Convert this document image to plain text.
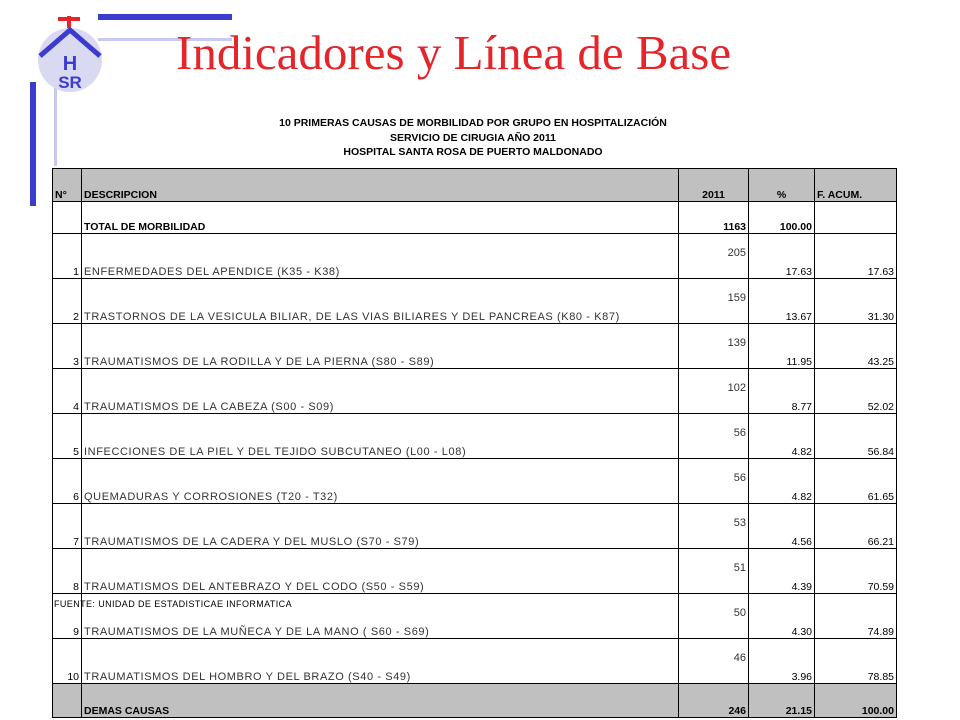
H
SR
Indicadores y Línea de Base
10 PRIMERAS CAUSAS DE MORBILIDAD POR GRUPO EN HOSPITALIZACIÓN
SERVICIO DE CIRUGIA AÑO 2011
HOSPITAL SANTA ROSA DE PUERTO MALDONADO
N°	DESCRIPCION	2011	%	F. ACUM.
	TOTAL DE MORBILIDAD	1163	100.00	
1	ENFERMEDADES DEL APENDICE (K35 - K38)	205	17.63	17.63
2	TRASTORNOS DE LA VESICULA BILIAR, DE LAS VIAS BILIARES Y DEL PANCREAS (K80 - K87)	159	13.67	31.30
3	TRAUMATISMOS DE LA RODILLA Y DE LA PIERNA (S80 - S89)	139	11.95	43.25
4	TRAUMATISMOS DE LA CABEZA (S00 - S09)	102	8.77	52.02
5	INFECCIONES DE LA PIEL Y DEL TEJIDO SUBCUTANEO (L00 - L08)	56	4.82	56.84
6	QUEMADURAS Y CORROSIONES (T20 - T32)	56	4.82	61.65
7	TRAUMATISMOS DE LA CADERA Y DEL MUSLO (S70 - S79)	53	4.56	66.21
8	TRAUMATISMOS DEL ANTEBRAZO Y DEL CODO (S50 - S59)	51	4.39	70.59
9	TRAUMATISMOS DE LA MUÑECA Y DE LA MANO ( S60 - S69)	50	4.30	74.89
10	TRAUMATISMOS DEL HOMBRO Y DEL BRAZO (S40 - S49)	46	3.96	78.85
	DEMAS CAUSAS	246	21.15	100.00
FUENTE: UNIDAD DE ESTADISTICAE INFORMATICA
